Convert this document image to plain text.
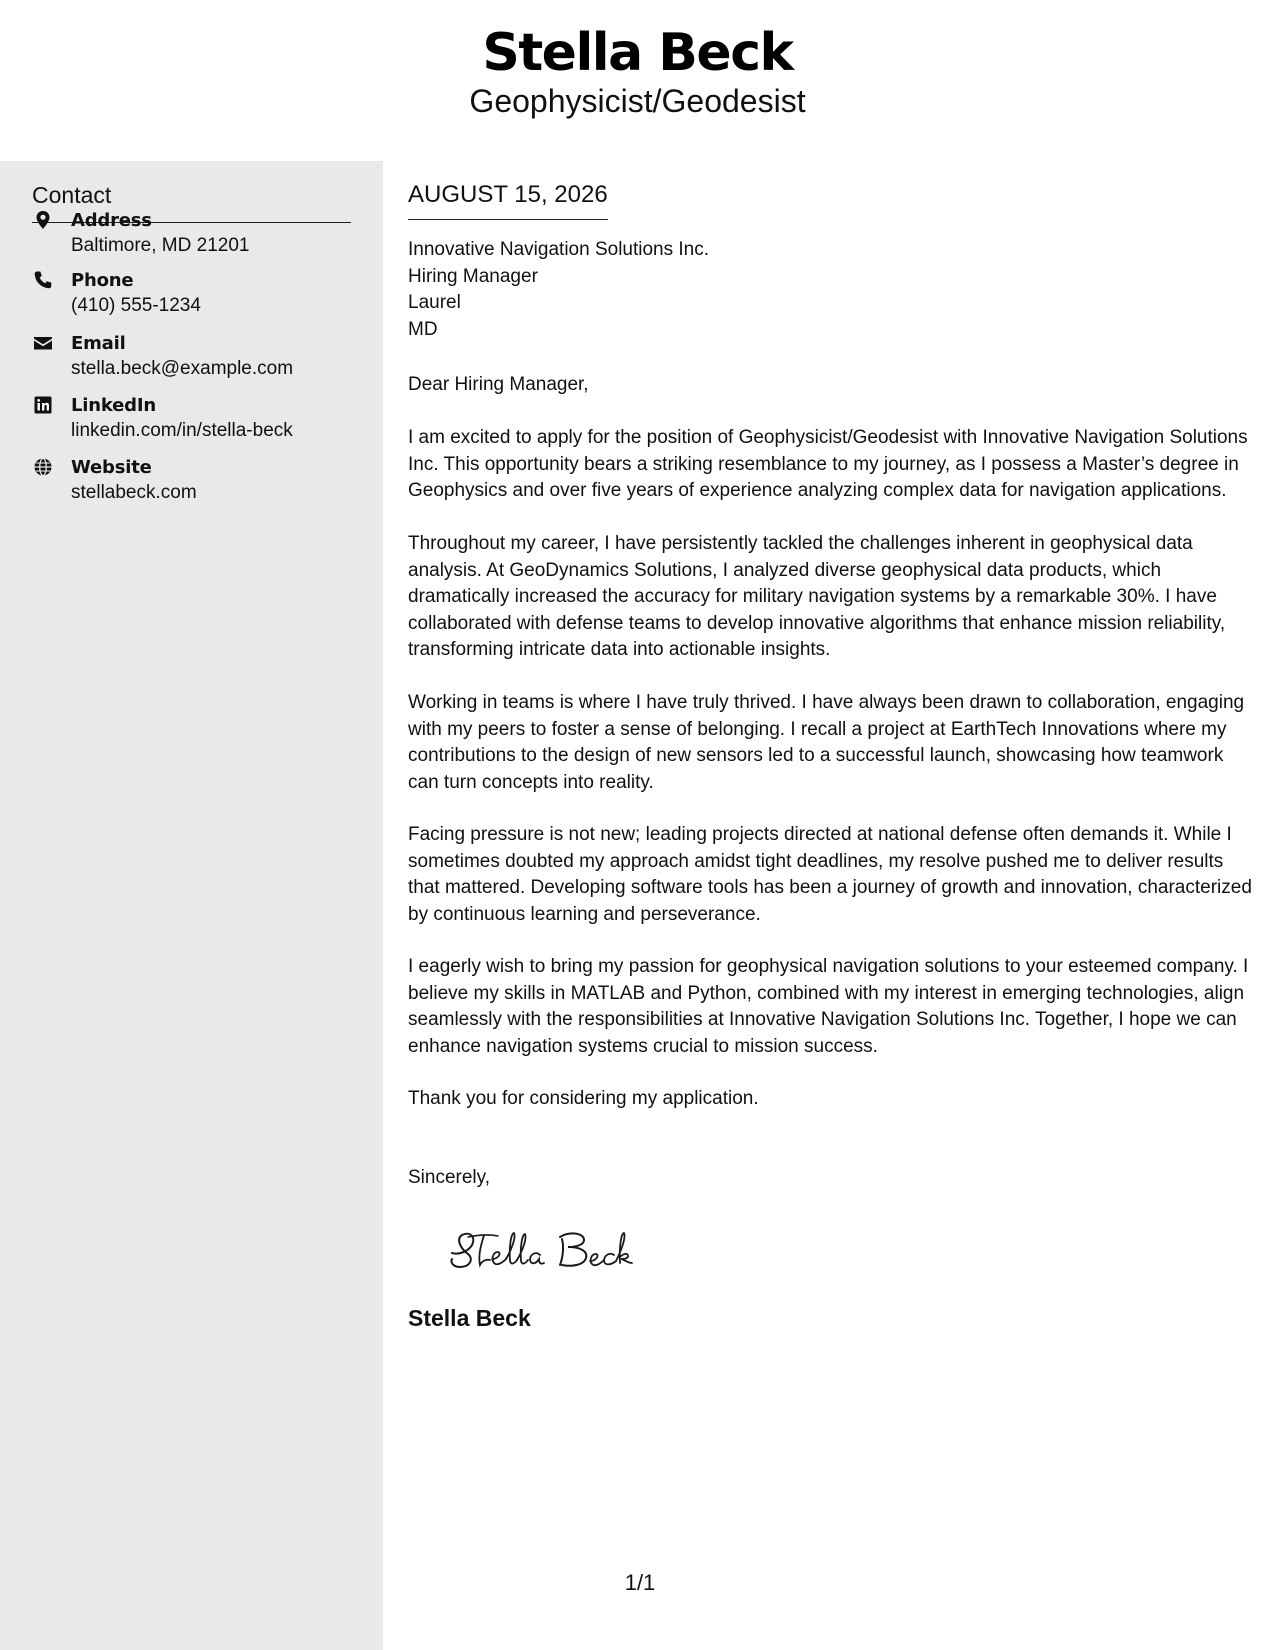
Stella Beck
Geophysicist/Geodesist
Contact
Address
Baltimore, MD 21201
Phone
(410) 555-1234
Email
stella.beck@example.com
LinkedIn
linkedin.com/in/stella-beck
Website
stellabeck.com
AUGUST 15, 2026
Innovative Navigation Solutions Inc.
Hiring Manager
Laurel
MD
Dear Hiring Manager,
I am excited to apply for the position of Geophysicist/Geodesist with Innovative Navigation Solutions Inc. This opportunity bears a striking resemblance to my journey, as I possess a Master’s degree in Geophysics and over five years of experience analyzing complex data for navigation applications.
Throughout my career, I have persistently tackled the challenges inherent in geophysical data analysis. At GeoDynamics Solutions, I analyzed diverse geophysical data products, which dramatically increased the accuracy for military navigation systems by a remarkable 30%. I have collaborated with defense teams to develop innovative algorithms that enhance mission reliability, transforming intricate data into actionable insights.
Working in teams is where I have truly thrived. I have always been drawn to collaboration, engaging with my peers to foster a sense of belonging. I recall a project at EarthTech Innovations where my contributions to the design of new sensors led to a successful launch, showcasing how teamwork can turn concepts into reality.
Facing pressure is not new; leading projects directed at national defense often demands it. While I sometimes doubted my approach amidst tight deadlines, my resolve pushed me to deliver results that mattered. Developing software tools has been a journey of growth and innovation, characterized by continuous learning and perseverance.
I eagerly wish to bring my passion for geophysical navigation solutions to your esteemed company. I believe my skills in MATLAB and Python, combined with my interest in emerging technologies, align seamlessly with the responsibilities at Innovative Navigation Solutions Inc. Together, I hope we can enhance navigation systems crucial to mission success.
Thank you for considering my application.
Sincerely,
Stella Beck
1/1
